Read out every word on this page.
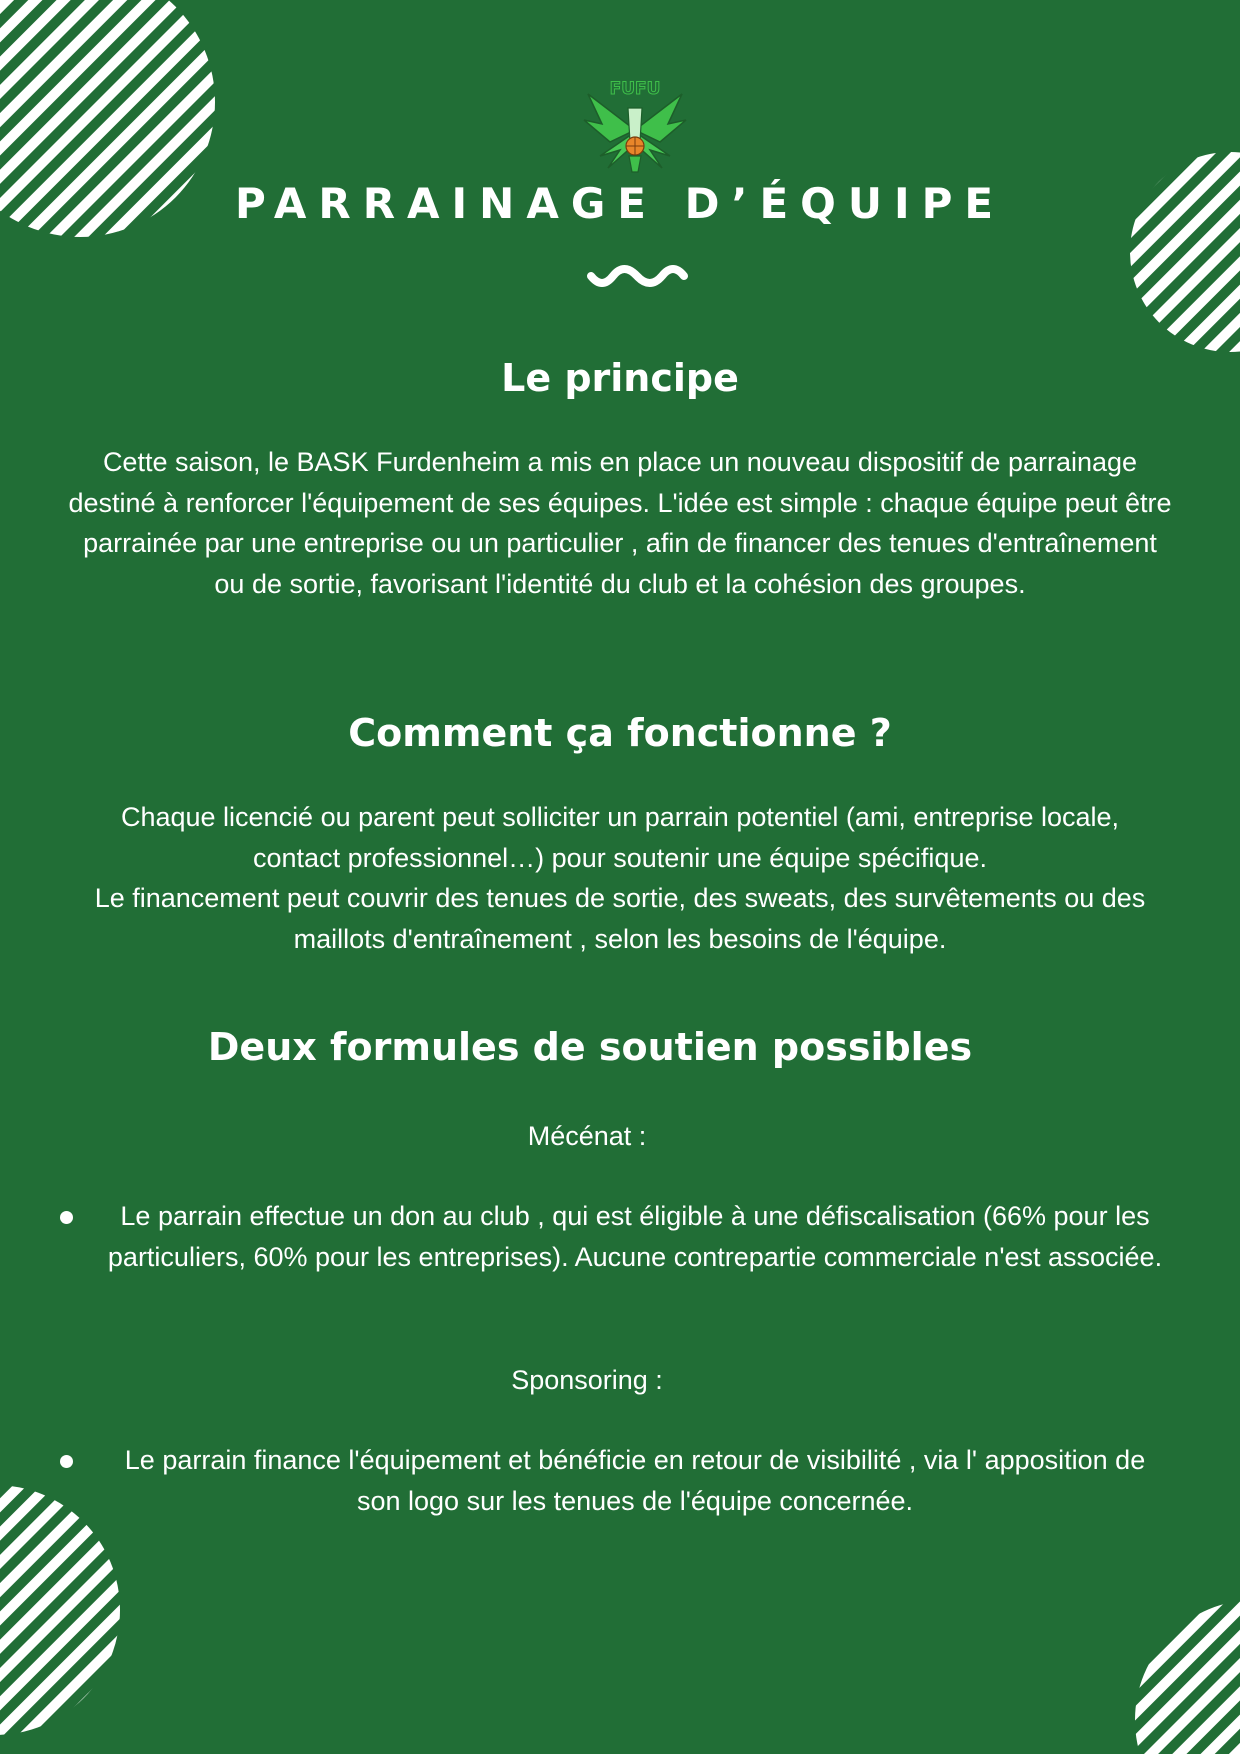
FUFU
PARRAINAGE D’ÉQUIPE
Le principe

Cette saison, le BASK Furdenheim a mis en place un nouveau dispositif de parrainage destiné à renforcer l'équipement de ses équipes. L'idée est simple : chaque équipe peut être parrainée par une entreprise ou un particulier , afin de financer des tenues d'entraînement ou de sortie, favorisant l'identité du club et la cohésion des groupes.

Comment ça fonctionne ?

Chaque licencié ou parent peut solliciter un parrain potentiel (ami, entreprise locale, contact professionnel…) pour soutenir une équipe spécifique.

Le financement peut couvrir des tenues de sortie, des sweats, des survêtements ou des maillots d'entraînement , selon les besoins de l'équipe.

Deux formules de soutien possibles

Mécénat :

Le parrain effectue un don au club , qui est éligible à une défiscalisation (66% pour les particuliers, 60% pour les entreprises). Aucune contrepartie commerciale n'est associée.

Sponsoring :

Le parrain finance l'équipement et bénéficie en retour de visibilité , via l' apposition de son logo sur les tenues de l'équipe concernée.
